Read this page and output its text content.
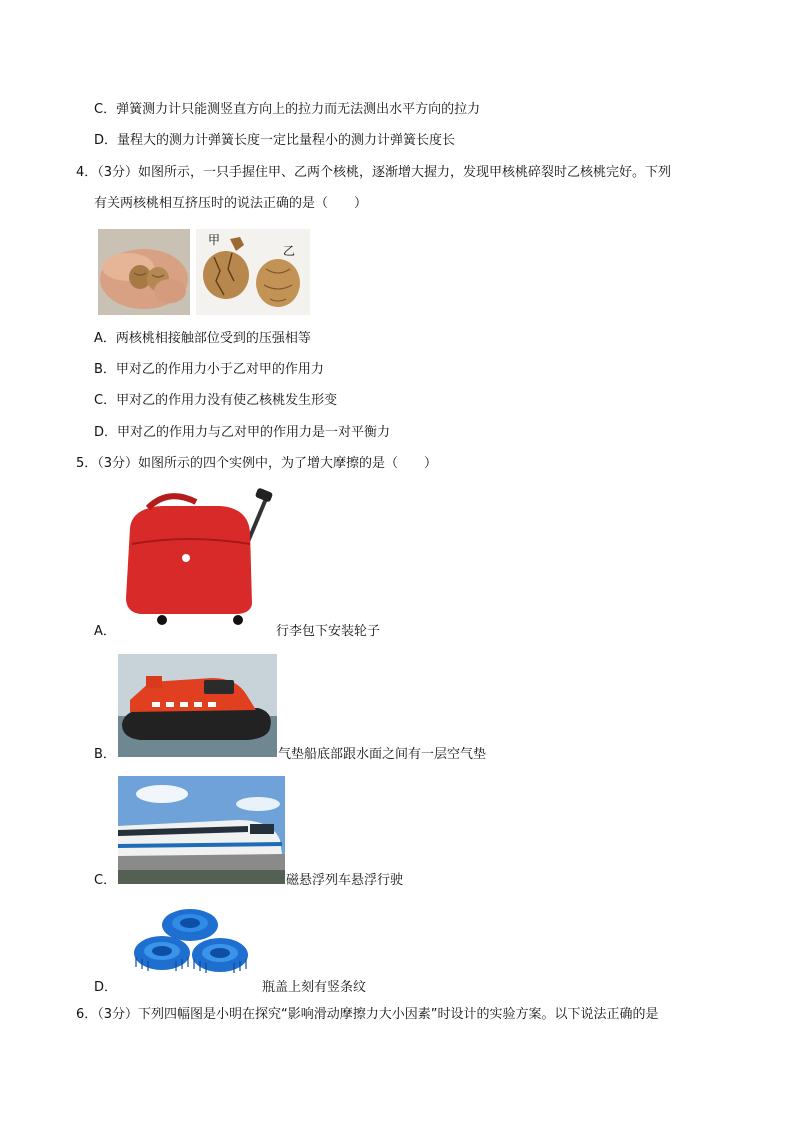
C．弹簧测力计只能测竖直方向上的拉力而无法测出水平方向的拉力
D．量程大的测力计弹簧长度一定比量程小的测力计弹簧长度长
4．（3分）如图所示，一只手握住甲、乙两个核桃，逐渐增大握力，发现甲核桃碎裂时乙核桃完好。下列
有关两核桃相互挤压时的说法正确的是（　　）
甲
乙
A．两核桃相接触部位受到的压强相等
B．甲对乙的作用力小于乙对甲的作用力
C．甲对乙的作用力没有使乙核桃发生形变
D．甲对乙的作用力与乙对甲的作用力是一对平衡力
5．（3分）如图所示的四个实例中，为了增大摩擦的是（　　）
A．	行李包下安装轮子
B．	气垫船底部跟水面之间有一层空气垫
C．	磁悬浮列车悬浮行驶
D．	瓶盖上刻有竖条纹
6．（3分）下列四幅图是小明在探究“影响滑动摩擦力大小因素”时设计的实验方案。以下说法正确的是
